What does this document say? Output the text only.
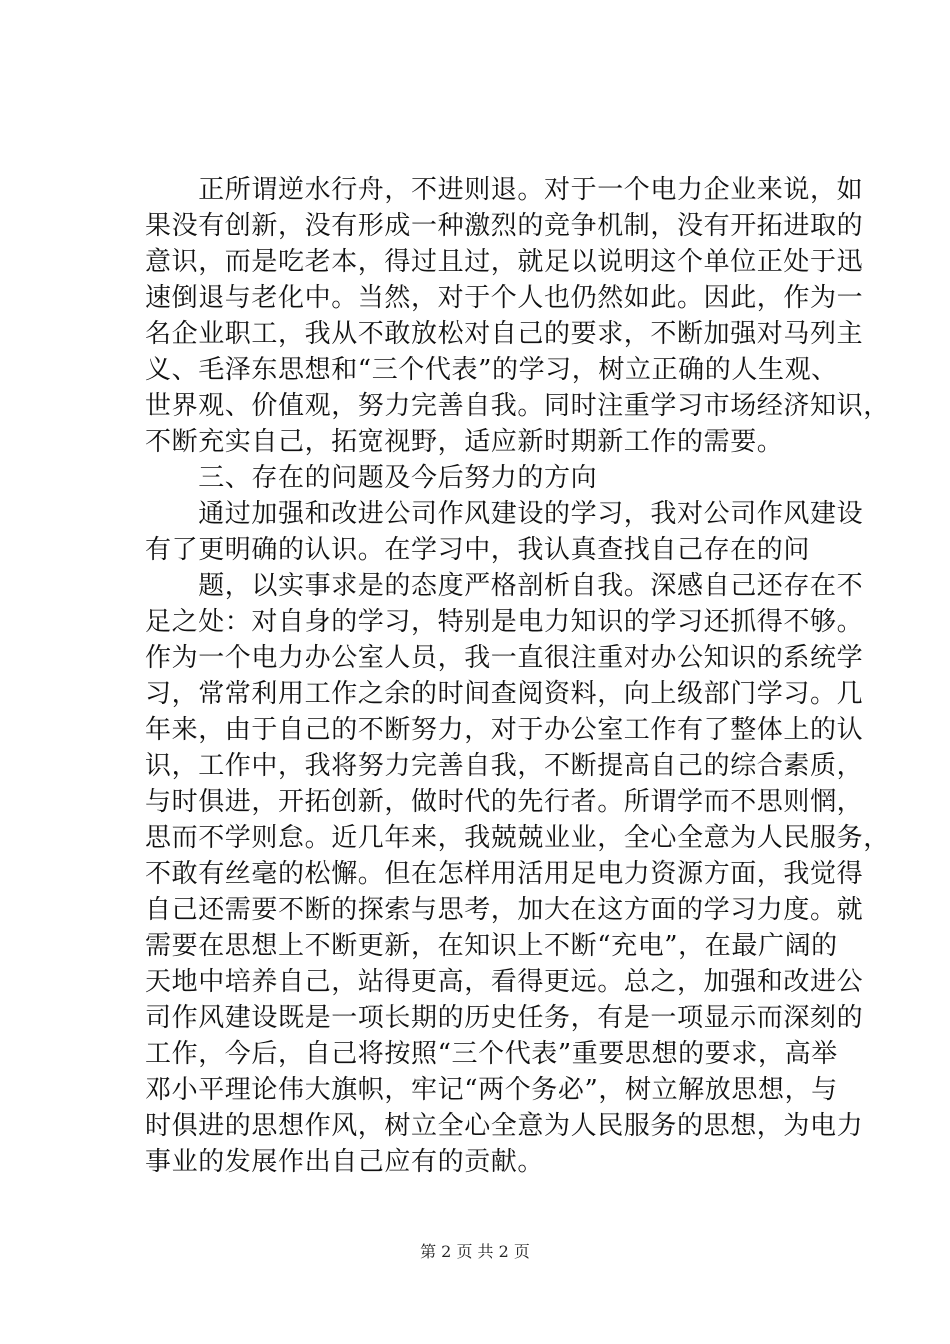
　　正所谓逆水行舟，不进则退。对于一个电力企业来说，如
果没有创新，没有形成一种激烈的竞争机制，没有开拓进取的
意识，而是吃老本，得过且过，就足以说明这个单位正处于迅
速倒退与老化中。当然，对于个人也仍然如此。因此，作为一
名企业职工，我从不敢放松对自己的要求，不断加强对马列主
义、毛泽东思想和“三个代表”的学习，树立正确的人生观、
世界观、价值观，努力完善自我。同时注重学习市场经济知识，
不断充实自己，拓宽视野，适应新时期新工作的需要。
　　三、存在的问题及今后努力的方向
　　通过加强和改进公司作风建设的学习，我对公司作风建设
有了更明确的认识。在学习中，我认真查找自己存在的问
　　题，以实事求是的态度严格剖析自我。深感自己还存在不
足之处：对自身的学习，特别是电力知识的学习还抓得不够。
作为一个电力办公室人员，我一直很注重对办公知识的系统学
习，常常利用工作之余的时间查阅资料，向上级部门学习。几
年来，由于自己的不断努力，对于办公室工作有了整体上的认
识，工作中，我将努力完善自我，不断提高自己的综合素质，
与时俱进，开拓创新，做时代的先行者。所谓学而不思则惘，
思而不学则怠。近几年来，我兢兢业业，全心全意为人民服务，
不敢有丝毫的松懈。但在怎样用活用足电力资源方面，我觉得
自己还需要不断的探索与思考，加大在这方面的学习力度。就
需要在思想上不断更新，在知识上不断“充电”，在最广阔的
天地中培养自己，站得更高，看得更远。总之，加强和改进公
司作风建设既是一项长期的历史任务，有是一项显示而深刻的
工作，今后，自己将按照“三个代表”重要思想的要求，高举
邓小平理论伟大旗帜，牢记“两个务必”，树立解放思想，与
时俱进的思想作风，树立全心全意为人民服务的思想，为电力
事业的发展作出自己应有的贡献。
第 2 页 共 2 页
